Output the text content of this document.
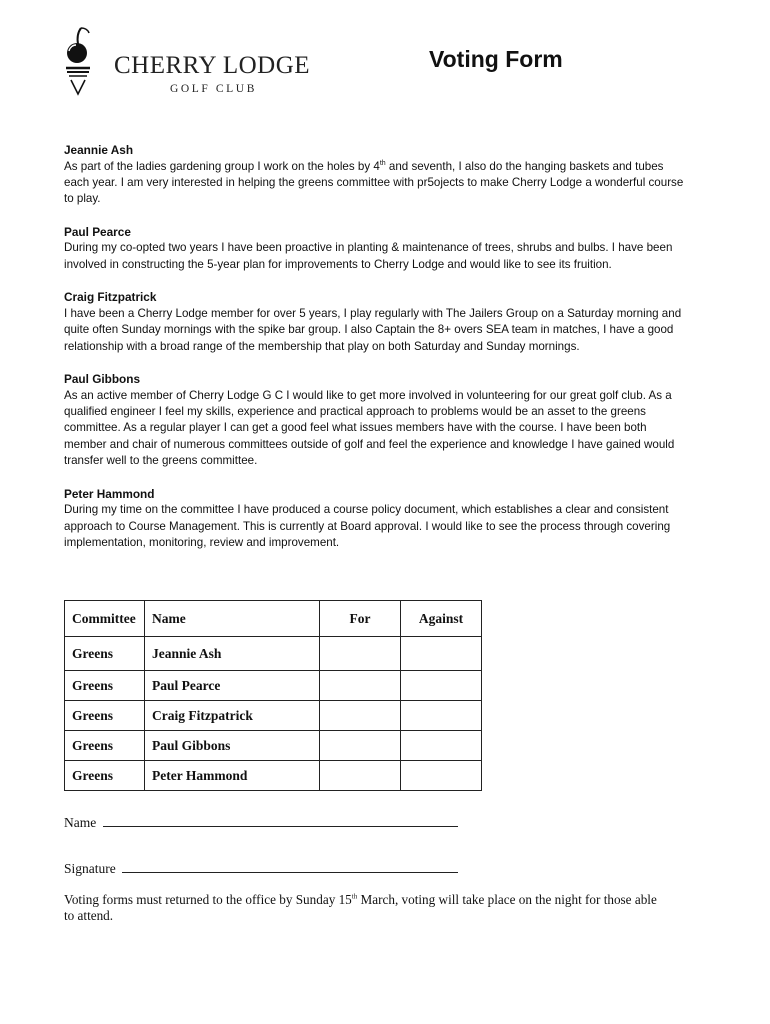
CHERRY LODGE
GOLF CLUB
Voting Form
Jeannie Ash
As part of the ladies gardening group I work on the holes by 4th and seventh, I also do the hanging baskets and tubes each year. I am very interested in helping the greens committee with pr5ojects to make Cherry Lodge a wonderful course to play.
Paul Pearce
During my co-opted two years I have been proactive in planting & maintenance of trees, shrubs and bulbs. I have been involved in constructing the 5-year plan for improvements to Cherry Lodge and would like to see its fruition.
Craig Fitzpatrick
I have been a Cherry Lodge member for over 5 years, I play regularly with The Jailers Group on a Saturday morning and quite often Sunday mornings with the spike bar group. I also Captain the 8+ overs SEA team in matches, I have a good relationship with a broad range of the membership that play on both Saturday and Sunday mornings.
Paul Gibbons
As an active member of Cherry Lodge G C I would like to get more involved in volunteering for our great golf club. As a qualified engineer I feel my skills, experience and practical approach to problems would be an asset to the greens committee. As a regular player I can get a good feel what issues members have with the course. I have been both member and chair of numerous committees outside of golf and feel the experience and knowledge I have gained would transfer well to the greens committee.
Peter Hammond
During my time on the committee I have produced a course policy document, which establishes a clear and consistent approach to Course Management. This is currently at Board approval. I would like to see the process through covering implementation, monitoring, review and improvement.
Committee	Name	For	Against
Greens	Jeannie Ash		
Greens	Paul Pearce		
Greens	Craig Fitzpatrick		
Greens	Paul Gibbons		
Greens	Peter Hammond		
Name
Signature
Voting forms must returned to the office by Sunday 15th March, voting will take place on the night for those able to attend.
